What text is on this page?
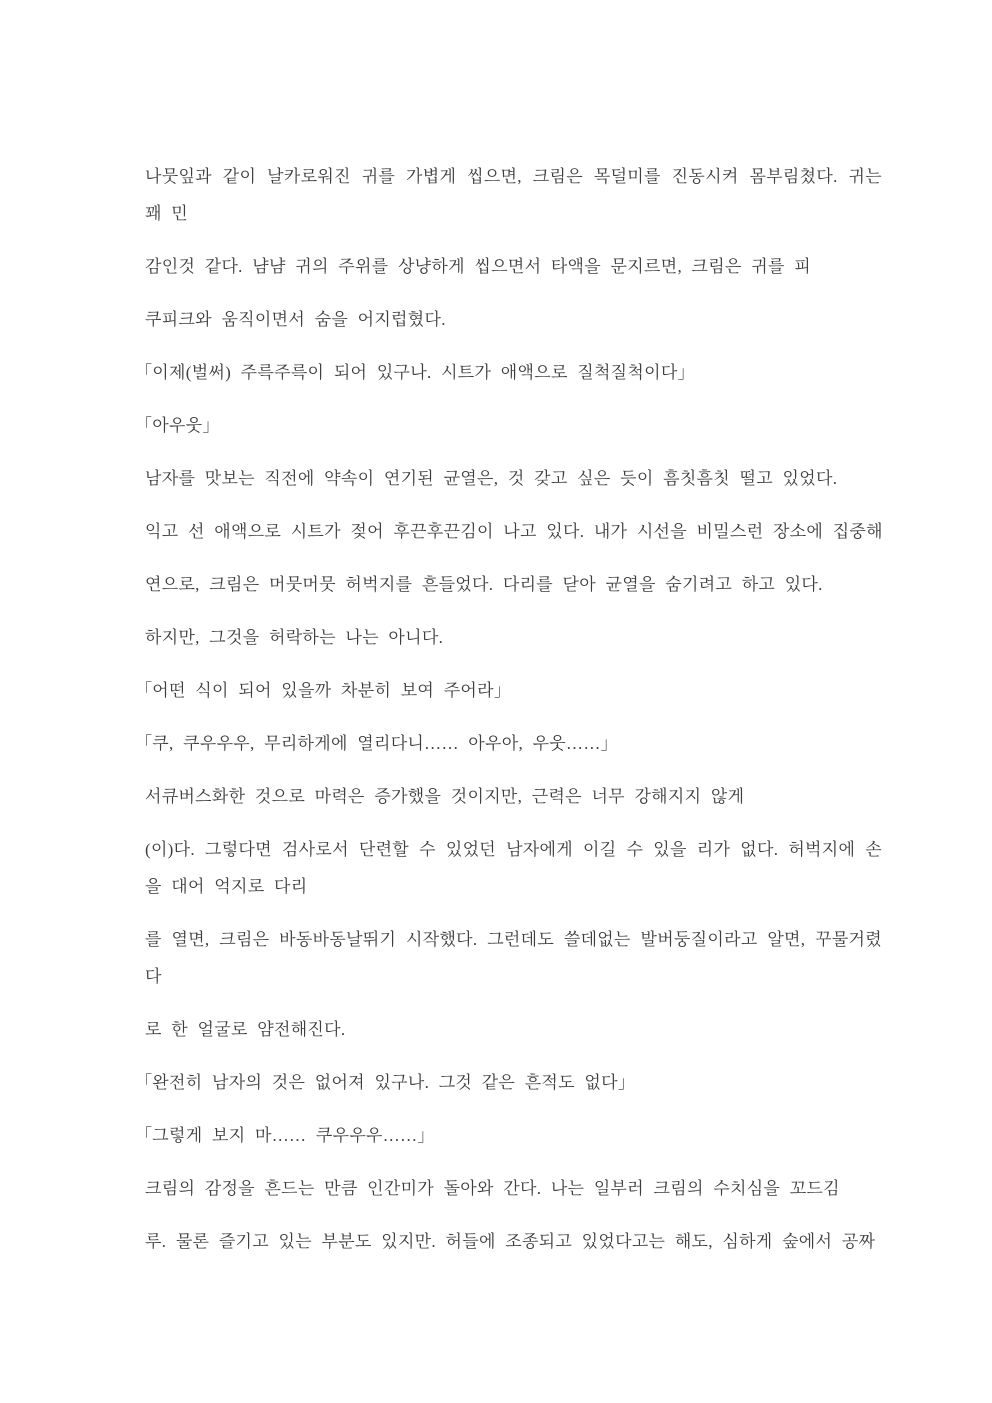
나뭇잎과 같이 날카로워진 귀를 가볍게 씹으면, 크림은 목덜미를 진동시켜 몸부림쳤다. 귀는
꽤 민

감인것 같다. 냠냠 귀의 주위를 상냥하게 씹으면서 타액을 문지르면, 크림은 귀를 피

쿠피크와 움직이면서 숨을 어지럽혔다.

「이제(벌써) 주륵주륵이 되어 있구나. 시트가 애액으로 질척질척이다」

「아우웃」

남자를 맛보는 직전에 약속이 연기된 균열은, 것 갖고 싶은 듯이 흠칫흠칫 떨고 있었다.

익고 선 애액으로 시트가 젖어 후끈후끈김이 나고 있다. 내가 시선을 비밀스런 장소에 집중해

연으로, 크림은 머뭇머뭇 허벅지를 흔들었다. 다리를 닫아 균열을 숨기려고 하고 있다.

하지만, 그것을 허락하는 나는 아니다.

「어떤 식이 되어 있을까 차분히 보여 주어라」

「쿠, 쿠우우우, 무리하게에 열리다니…… 아우아, 우웃……」

서큐버스화한 것으로 마력은 증가했을 것이지만, 근력은 너무 강해지지 않게

(이)다. 그렇다면 검사로서 단련할 수 있었던 남자에게 이길 수 있을 리가 없다. 허벅지에 손
을 대어 억지로 다리

를 열면, 크림은 바동바동날뛰기 시작했다. 그런데도 쓸데없는 발버둥질이라고 알면, 꾸물거렸
다

로 한 얼굴로 얌전해진다.

「완전히 남자의 것은 없어져 있구나. 그것 같은 흔적도 없다」

「그렇게 보지 마…… 쿠우우우……」

크림의 감정을 흔드는 만큼 인간미가 돌아와 간다. 나는 일부러 크림의 수치심을 꼬드김

루. 물론 즐기고 있는 부분도 있지만. 허들에 조종되고 있었다고는 해도, 심하게 숲에서 공짜
